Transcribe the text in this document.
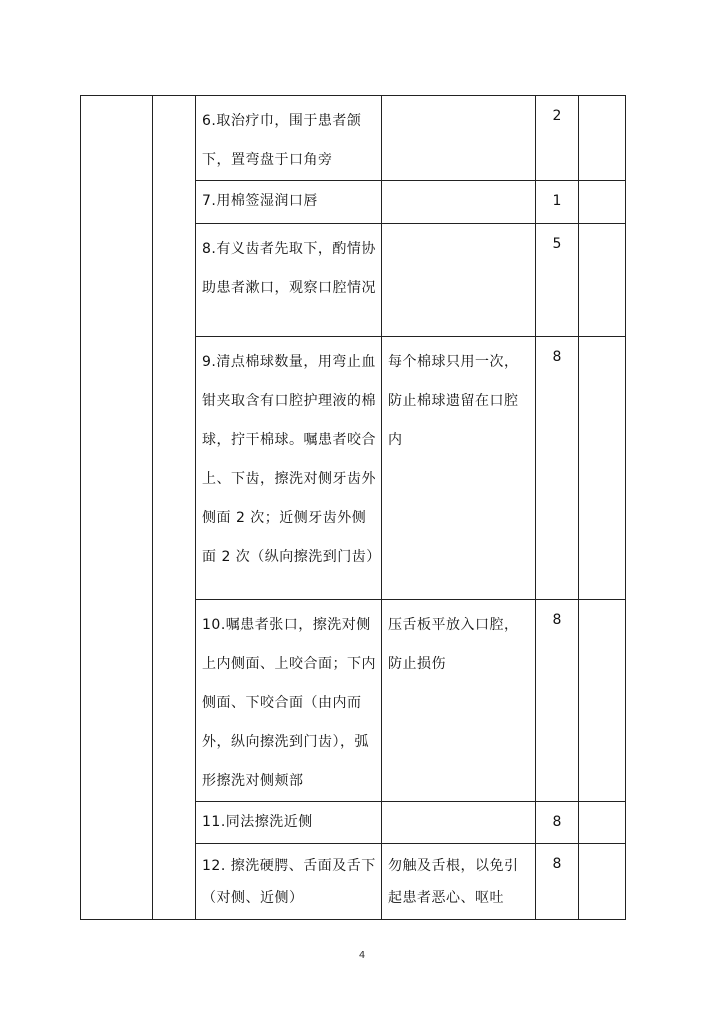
		6.取治疗巾，围于患者颌下，置弯盘于口角旁		2	

		7.用棉签湿润口唇		1	

		8.有义齿者先取下，酌情协助患者漱口，观察口腔情况		5	

		9.清点棉球数量，用弯止血钳夹取含有口腔护理液的棉球，拧干棉球。嘱患者咬合上、下齿，擦洗对侧牙齿外侧面 2 次；近侧牙齿外侧面 2 次（纵向擦洗到门齿）	每个棉球只用一次，防止棉球遗留在口腔内	8	

		10.嘱患者张口，擦洗对侧上内侧面、上咬合面；下内侧面、下咬合面（由内而外，纵向擦洗到门齿），弧形擦洗对侧颊部	压舌板平放入口腔，防止损伤	8	

		11.同法擦洗近侧		8	

		12. 擦洗硬腭、舌面及舌下（对侧、近侧）	勿触及舌根，以免引起患者恶心、呕吐	8	

4
